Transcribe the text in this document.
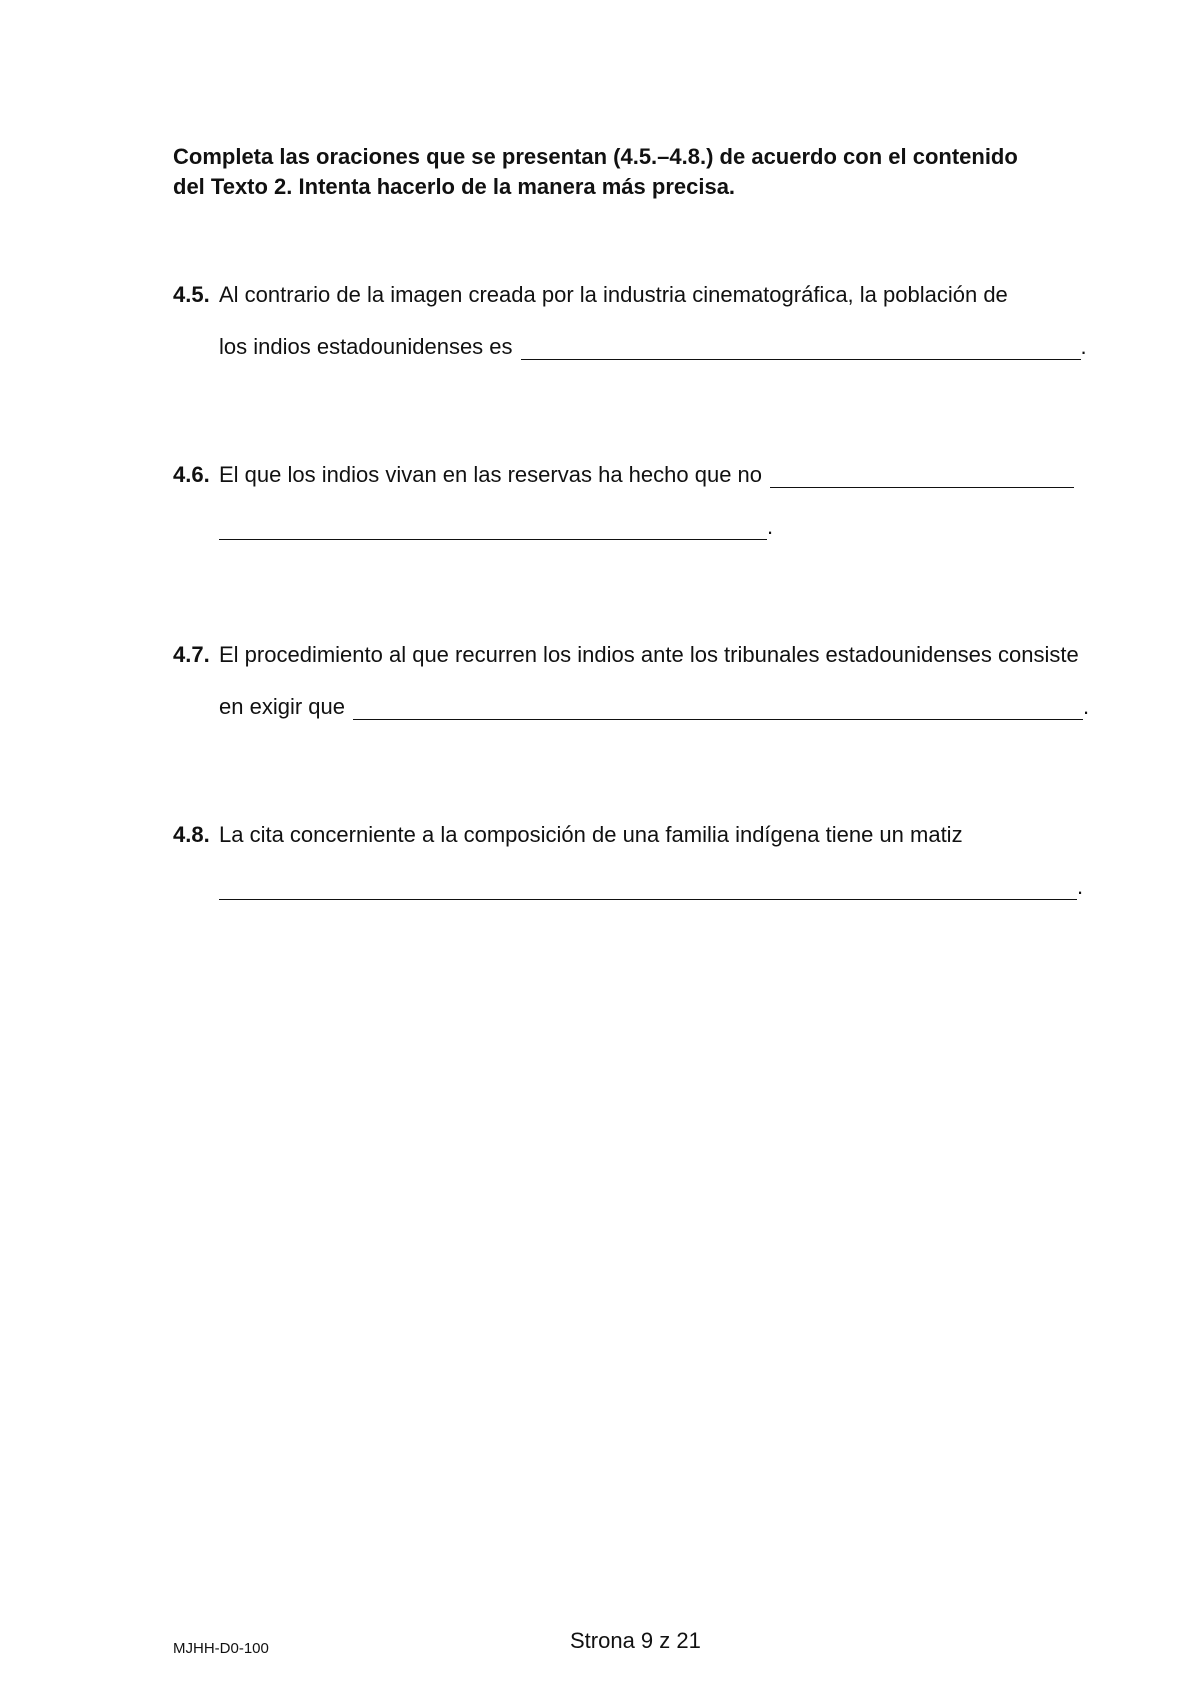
Completa las oraciones que se presentan (4.5.–4.8.) de acuerdo con el contenido
del Texto 2. Intenta hacerlo de la manera más precisa.
4.5. Al contrario de la imagen creada por la industria cinematográfica, la población de
los indios estadounidenses es	.
4.6. El que los indios vivan en las reservas ha hecho que no
.
4.7. El procedimiento al que recurren los indios ante los tribunales estadounidenses consiste
en exigir que	.
4.8. La cita concerniente a la composición de una familia indígena tiene un matiz
.
MJHH-D0-100	Strona 9 z 21
